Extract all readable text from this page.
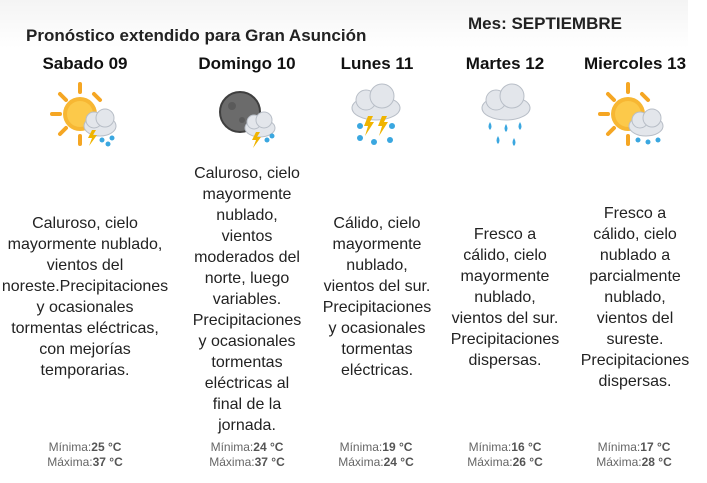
Pronóstico extendido para Gran Asunción
Mes: SEPTIEMBRE
Sabado 09
Caluroso, cielo
mayormente nublado,
vientos del
noreste.Precipitaciones
y ocasionales
tormentas eléctricas,
con mejorías
temporarias.
Mínima:25 °C
Máxima:37 °C
Domingo 10
Caluroso, cielo
mayormente
nublado,
vientos
moderados del
norte, luego
variables.
Precipitaciones
y ocasionales
tormentas
eléctricas al
final de la
jornada.
Mínima:24 °C
Máxima:37 °C
Lunes 11
Cálido, cielo
mayormente
nublado,
vientos del sur.
Precipitaciones
y ocasionales
tormentas
eléctricas.
Mínima:19 °C
Máxima:24 °C
Martes 12
Fresco a
cálido, cielo
mayormente
nublado,
vientos del sur.
Precipitaciones
dispersas.
Mínima:16 °C
Máxima:26 °C
Miercoles 13
Fresco a
cálido, cielo
nublado a
parcialmente
nublado,
vientos del
sureste.
Precipitaciones
dispersas.
Mínima:17 °C
Máxima:28 °C
